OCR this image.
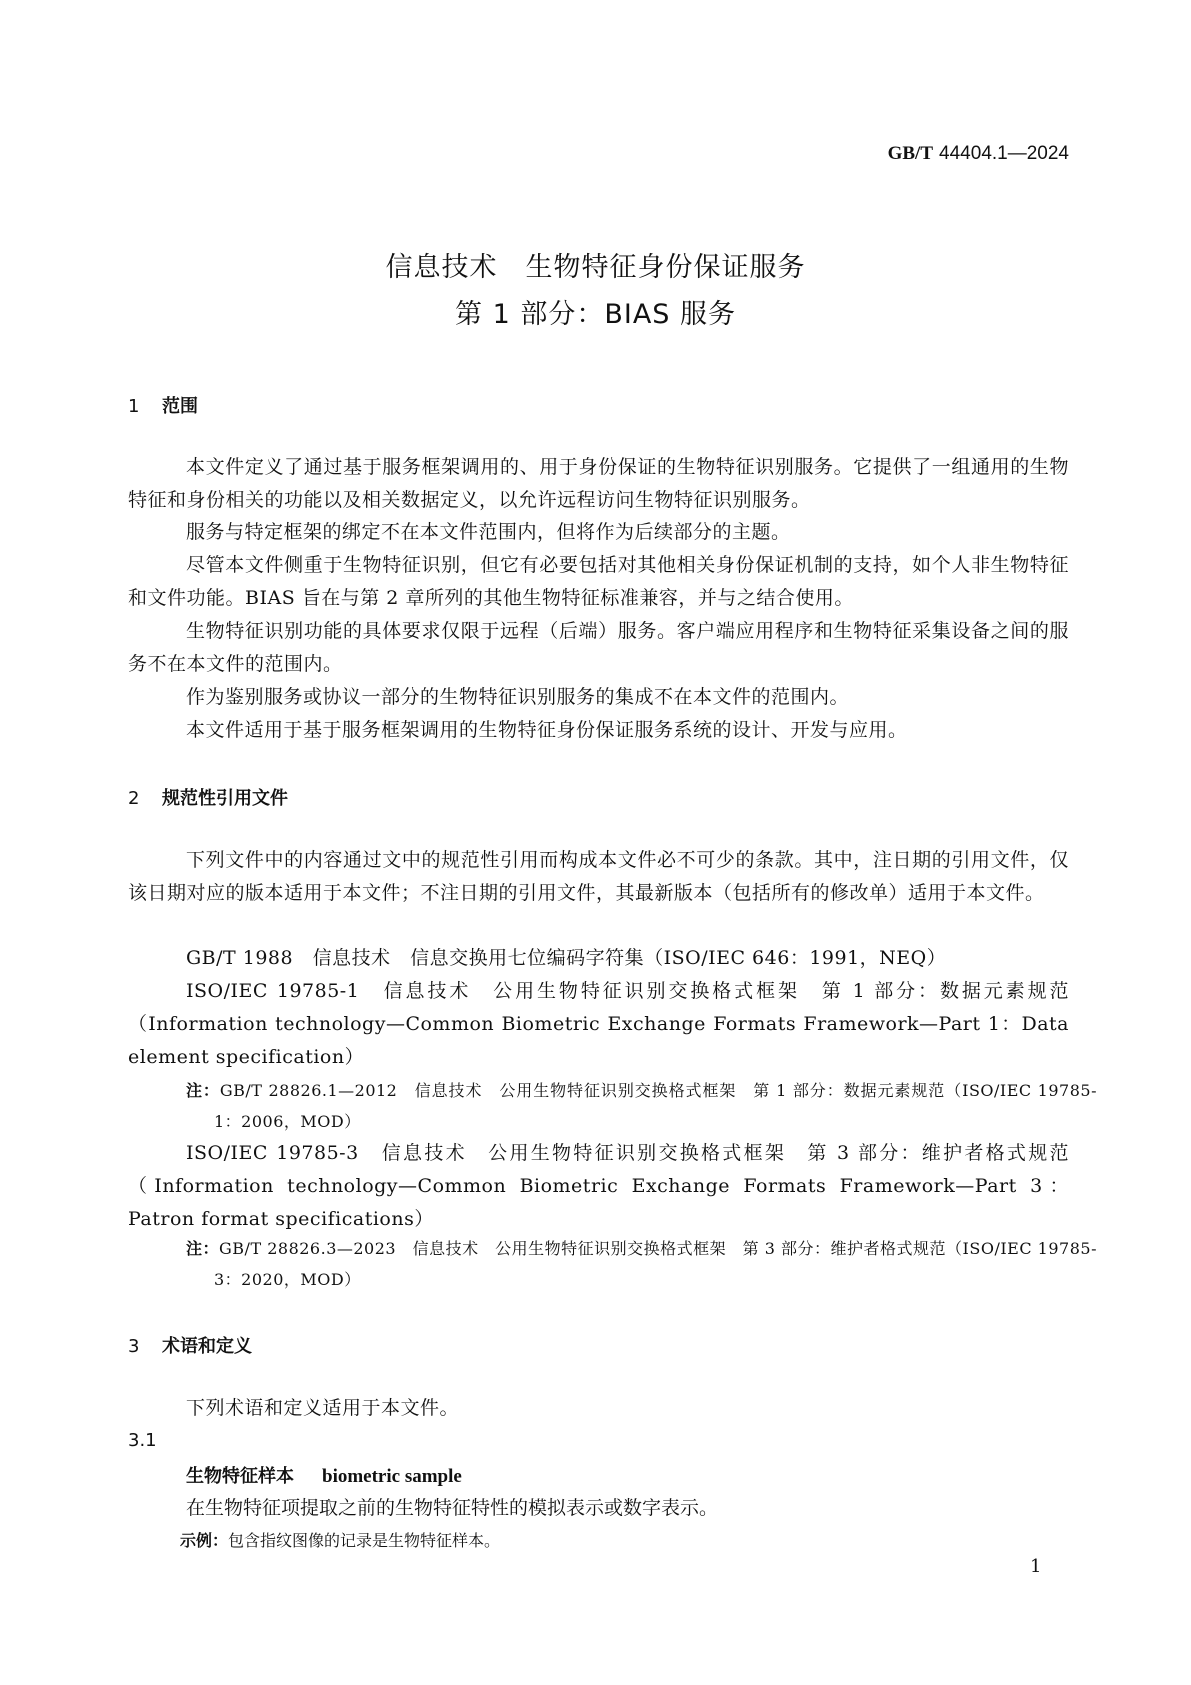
GB/T 44404.1—2024
信息技术　生物特征身份保证服务
第 1 部分：BIAS 服务
1 范围
本文件定义了通过基于服务框架调用的、用于身份保证的生物特征识别服务。它提供了一组通用的生物特征和身份相关的功能以及相关数据定义，以允许远程访问生物特征识别服务。
服务与特定框架的绑定不在本文件范围内，但将作为后续部分的主题。
尽管本文件侧重于生物特征识别，但它有必要包括对其他相关身份保证机制的支持，如个人非生物特征和文件功能。BIAS 旨在与第 2 章所列的其他生物特征标准兼容，并与之结合使用。
生物特征识别功能的具体要求仅限于远程（后端）服务。客户端应用程序和生物特征采集设备之间的服务不在本文件的范围内。
作为鉴别服务或协议一部分的生物特征识别服务的集成不在本文件的范围内。
本文件适用于基于服务框架调用的生物特征身份保证服务系统的设计、开发与应用。
2 规范性引用文件
下列文件中的内容通过文中的规范性引用而构成本文件必不可少的条款。其中，注日期的引用文件，仅该日期对应的版本适用于本文件；不注日期的引用文件，其最新版本（包括所有的修改单）适用于本文件。
GB/T 1988　信息技术　信息交换用七位编码字符集（ISO/IEC 646：1991，NEQ）
ISO/IEC 19785-1　信息技术　公用生物特征识别交换格式框架　第 1 部分：数据元素规范（Information technology—Common Biometric Exchange Formats Framework—Part 1：Data element specification）
注：GB/T 28826.1—2012　信息技术　公用生物特征识别交换格式框架　第 1 部分：数据元素规范（ISO/IEC 19785-1：2006，MOD）
ISO/IEC 19785-3　信息技术　公用生物特征识别交换格式框架　第 3 部分：维护者格式规范（Information technology—Common Biometric Exchange Formats Framework—Part 3：Patron format specifications）
注：GB/T 28826.3—2023　信息技术　公用生物特征识别交换格式框架　第 3 部分：维护者格式规范（ISO/IEC 19785-3：2020，MOD）
3 术语和定义
下列术语和定义适用于本文件。
3.1
生物特征样本 biometric sample
在生物特征项提取之前的生物特征特性的模拟表示或数字表示。
示例：包含指纹图像的记录是生物特征样本。
1
